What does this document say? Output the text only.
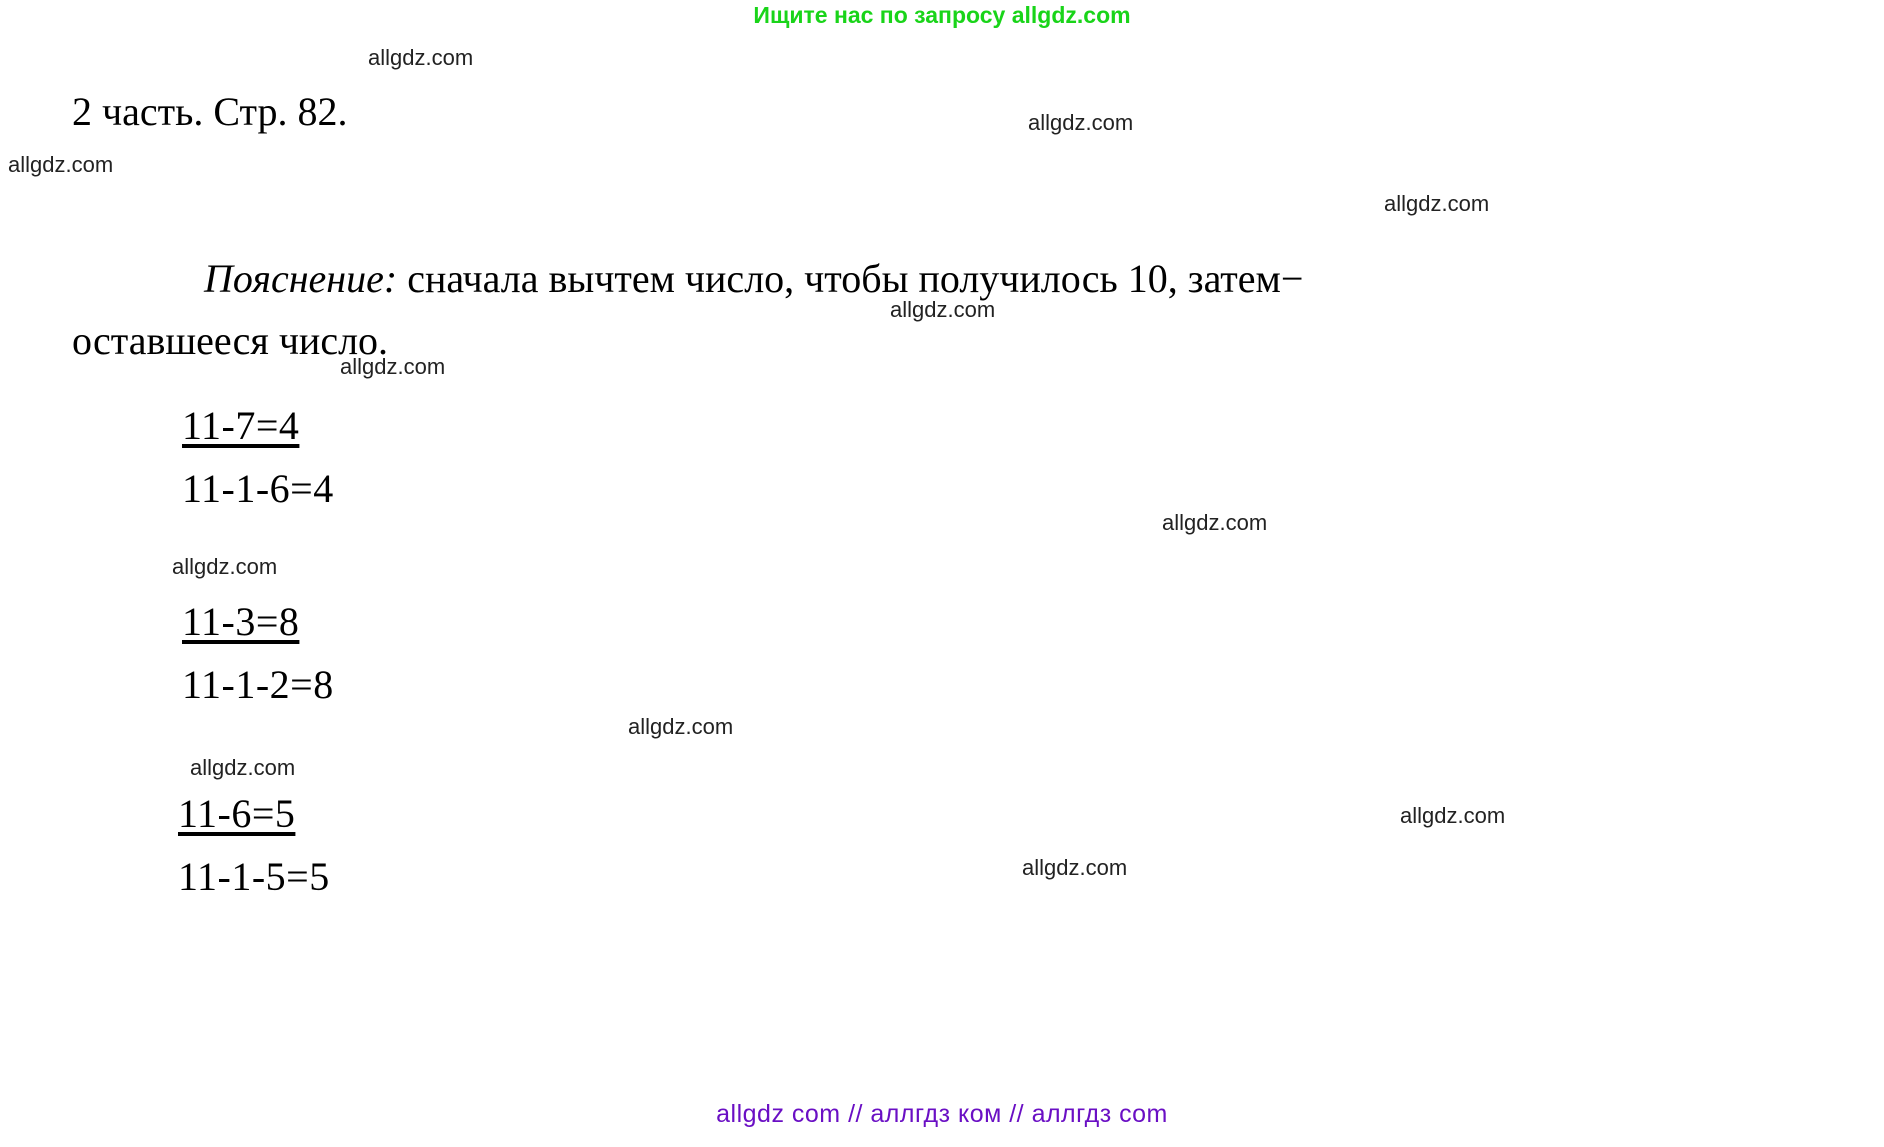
Ищите нас по запросу allgdz.com
allgdz.com
allgdz.com
allgdz.com
allgdz.com
allgdz.com
allgdz.com
allgdz.com
allgdz.com
allgdz.com
allgdz.com
allgdz.com
allgdz.com
2 часть. Стр. 82.
Пояснение: сначала вычтем число, чтобы получилось 10, затем−
оставшееся число.
11-7=4
11-1-6=4
11-3=8
11-1-2=8
11-6=5
11-1-5=5
allgdz com // аллгдз ком // аллгдз com
